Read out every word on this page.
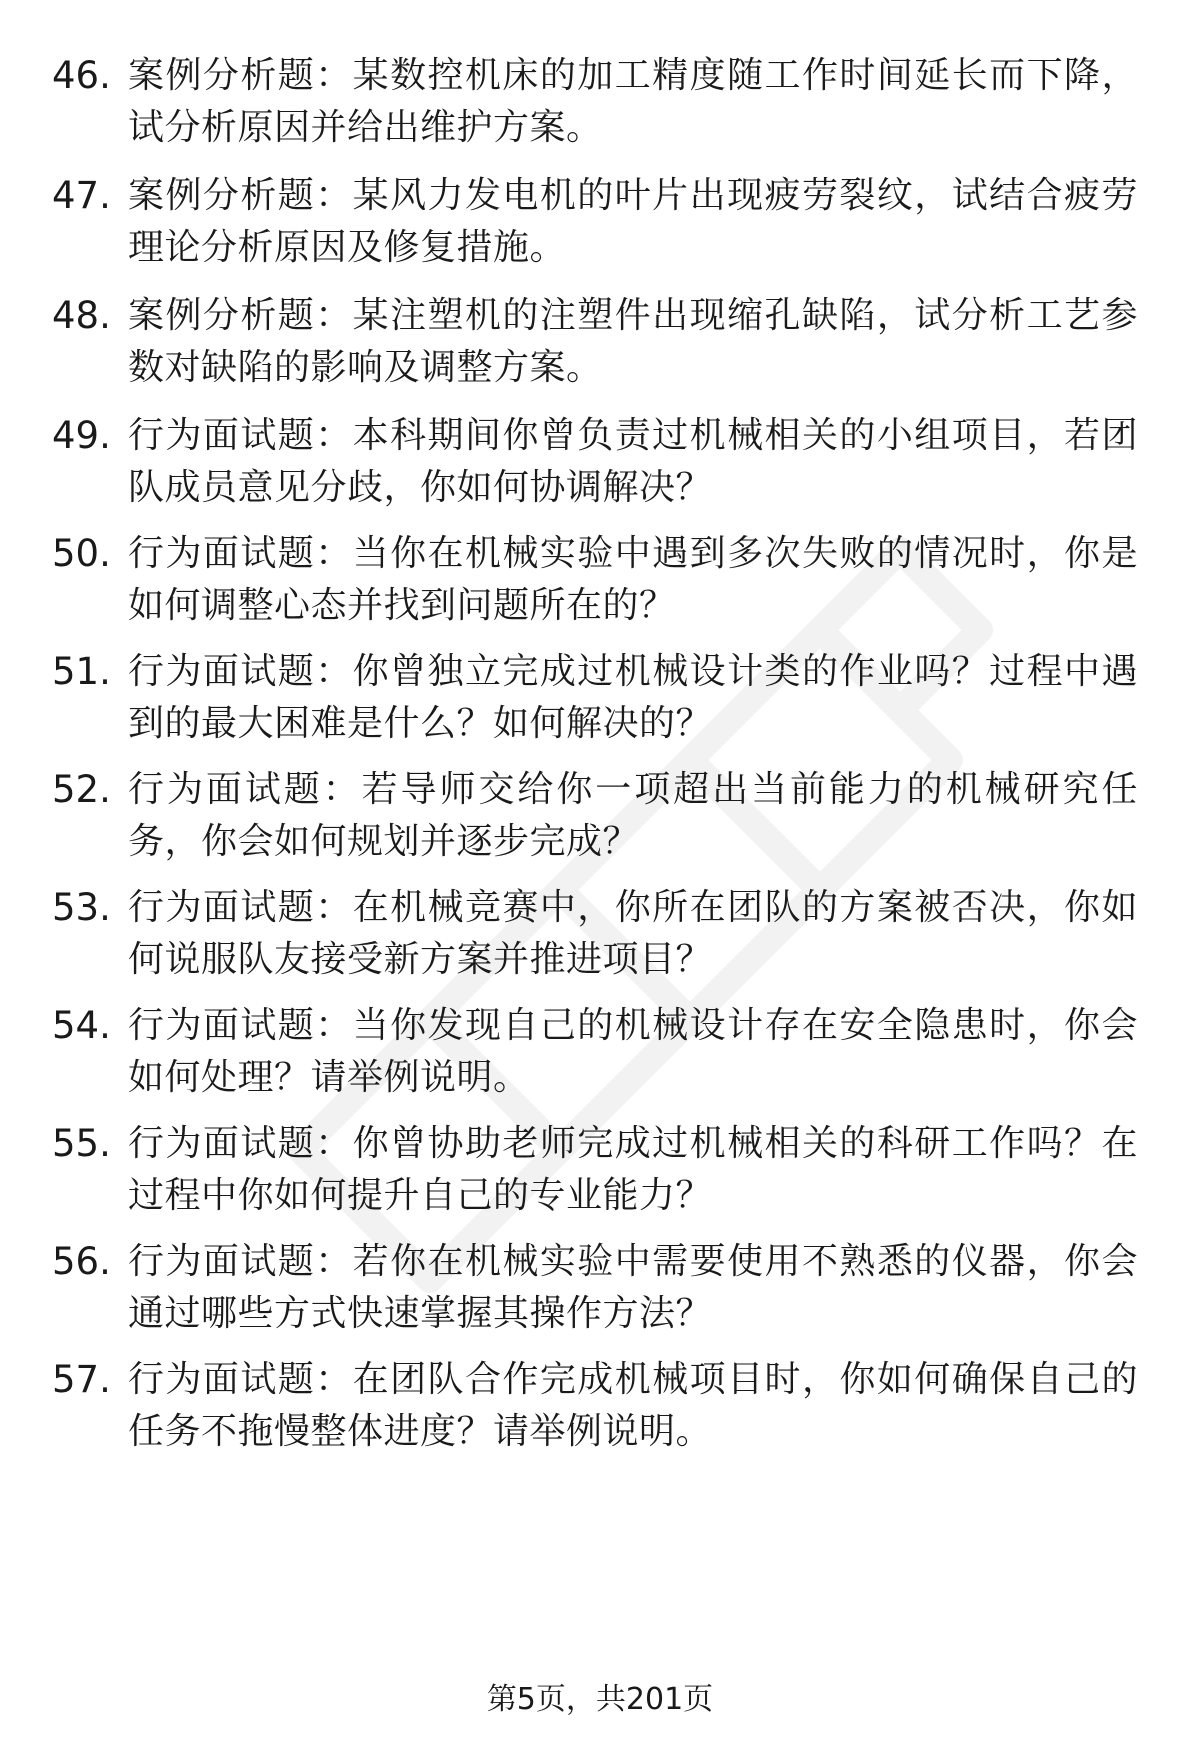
46. 案例分析题：某数控机床的加工精度随工作时间延长而下降，试分析原因并给出维护方案。
47. 案例分析题：某风力发电机的叶片出现疲劳裂纹，试结合疲劳理论分析原因及修复措施。
48. 案例分析题：某注塑机的注塑件出现缩孔缺陷，试分析工艺参数对缺陷的影响及调整方案。
49. 行为面试题：本科期间你曾负责过机械相关的小组项目，若团队成员意见分歧，你如何协调解决？
50. 行为面试题：当你在机械实验中遇到多次失败的情况时，你是如何调整心态并找到问题所在的？
51. 行为面试题：你曾独立完成过机械设计类的作业吗？过程中遇到的最大困难是什么？如何解决的？
52. 行为面试题：若导师交给你一项超出当前能力的机械研究任务，你会如何规划并逐步完成？
53. 行为面试题：在机械竞赛中，你所在团队的方案被否决，你如何说服队友接受新方案并推进项目？
54. 行为面试题：当你发现自己的机械设计存在安全隐患时，你会如何处理？请举例说明。
55. 行为面试题：你曾协助老师完成过机械相关的科研工作吗？在过程中你如何提升自己的专业能力？
56. 行为面试题：若你在机械实验中需要使用不熟悉的仪器，你会通过哪些方式快速掌握其操作方法？
57. 行为面试题：在团队合作完成机械项目时，你如何确保自己的任务不拖慢整体进度？请举例说明。
第5页，共201页
